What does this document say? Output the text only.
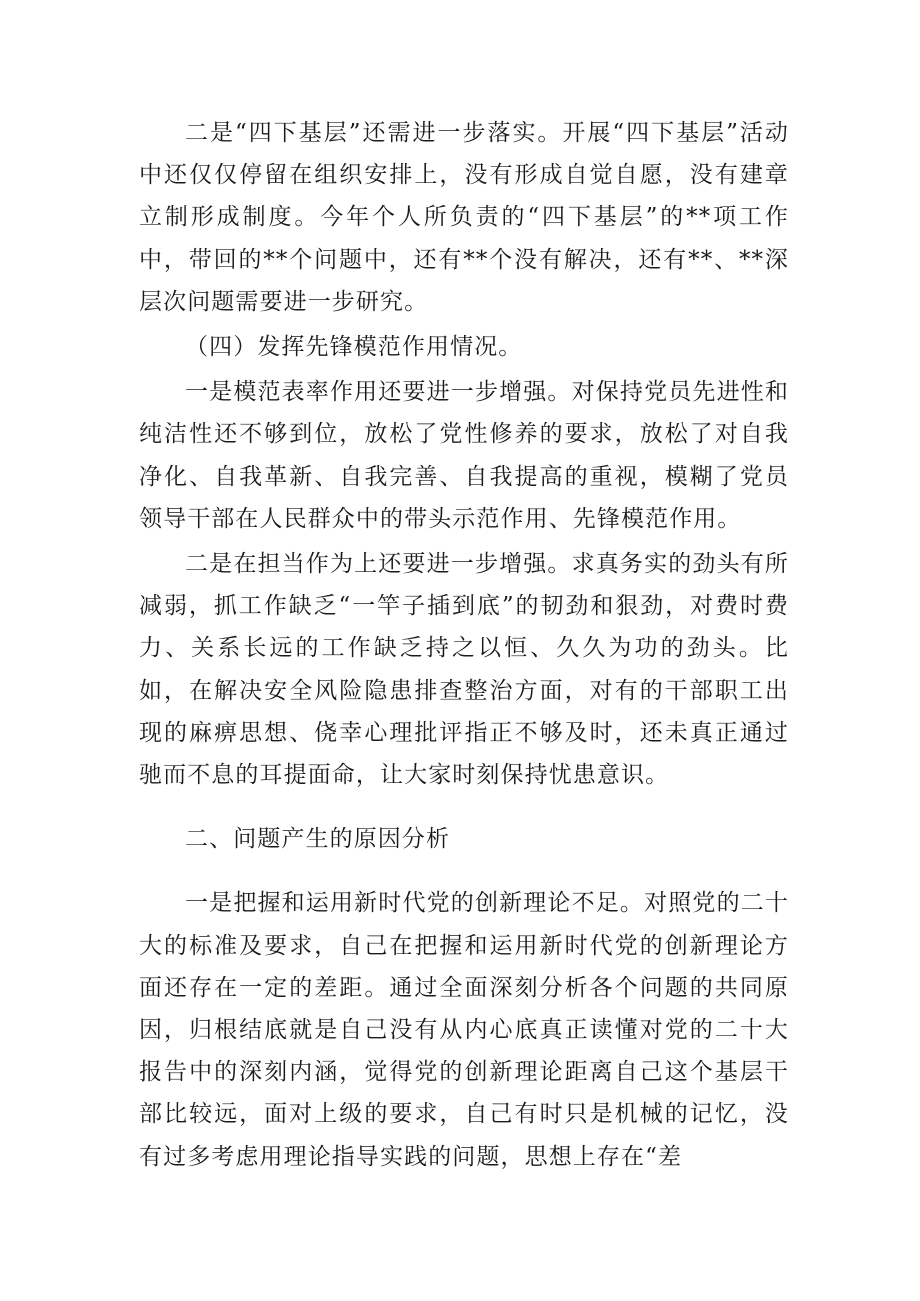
二是“四下基层”还需进一步落实。开展“四下基层”活动中还仅仅停留在组织安排上，没有形成自觉自愿，没有建章立制形成制度。今年个人所负责的“四下基层”的**项工作中，带回的**个问题中，还有**个没有解决，还有**、**深层次问题需要进一步研究。

（四）发挥先锋模范作用情况。

一是模范表率作用还要进一步增强。对保持党员先进性和纯洁性还不够到位，放松了党性修养的要求，放松了对自我净化、自我革新、自我完善、自我提高的重视，模糊了党员领导干部在人民群众中的带头示范作用、先锋模范作用。

二是在担当作为上还要进一步增强。求真务实的劲头有所减弱，抓工作缺乏“一竿子插到底”的韧劲和狠劲，对费时费力、关系长远的工作缺乏持之以恒、久久为功的劲头。比如，在解决安全风险隐患排查整治方面，对有的干部职工出现的麻痹思想、侥幸心理批评指正不够及时，还未真正通过驰而不息的耳提面命，让大家时刻保持忧患意识。

二、问题产生的原因分析

一是把握和运用新时代党的创新理论不足。对照党的二十大的标准及要求，自己在把握和运用新时代党的创新理论方面还存在一定的差距。通过全面深刻分析各个问题的共同原因，归根结底就是自己没有从内心底真正读懂对党的二十大报告中的深刻内涵，觉得党的创新理论距离自己这个基层干部比较远，面对上级的要求，自己有时只是机械的记忆，没有过多考虑用理论指导实践的问题，思想上存在“差
